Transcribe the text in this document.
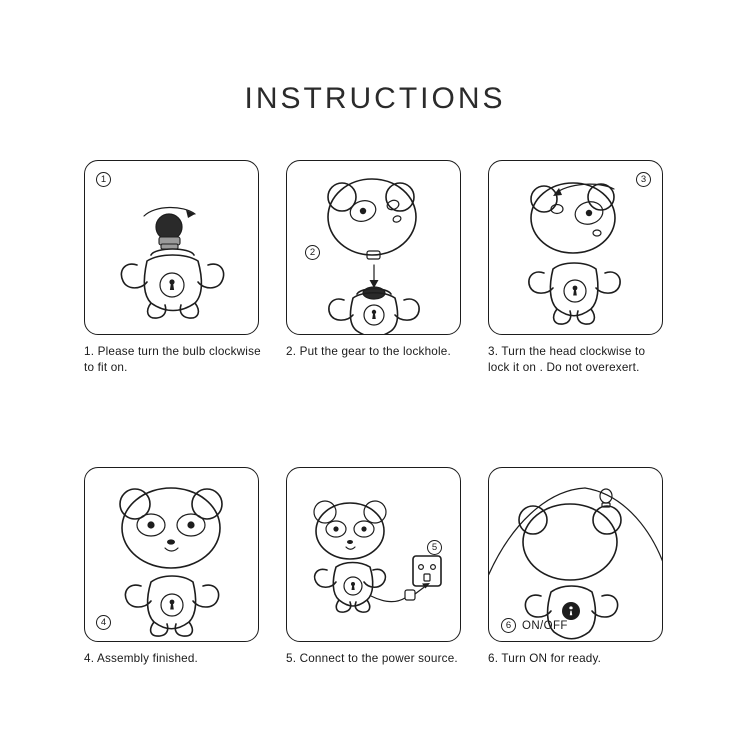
INSTRUCTIONS
1
1. Please turn the bulb clockwise to fit on.
2
2. Put the gear to the lockhole.
3
3. Turn the head clockwise to lock it on . Do not overexert.
4
4. Assembly finished.
5
5. Connect to the power source.
6 ON/OFF
6. Turn ON for ready.
